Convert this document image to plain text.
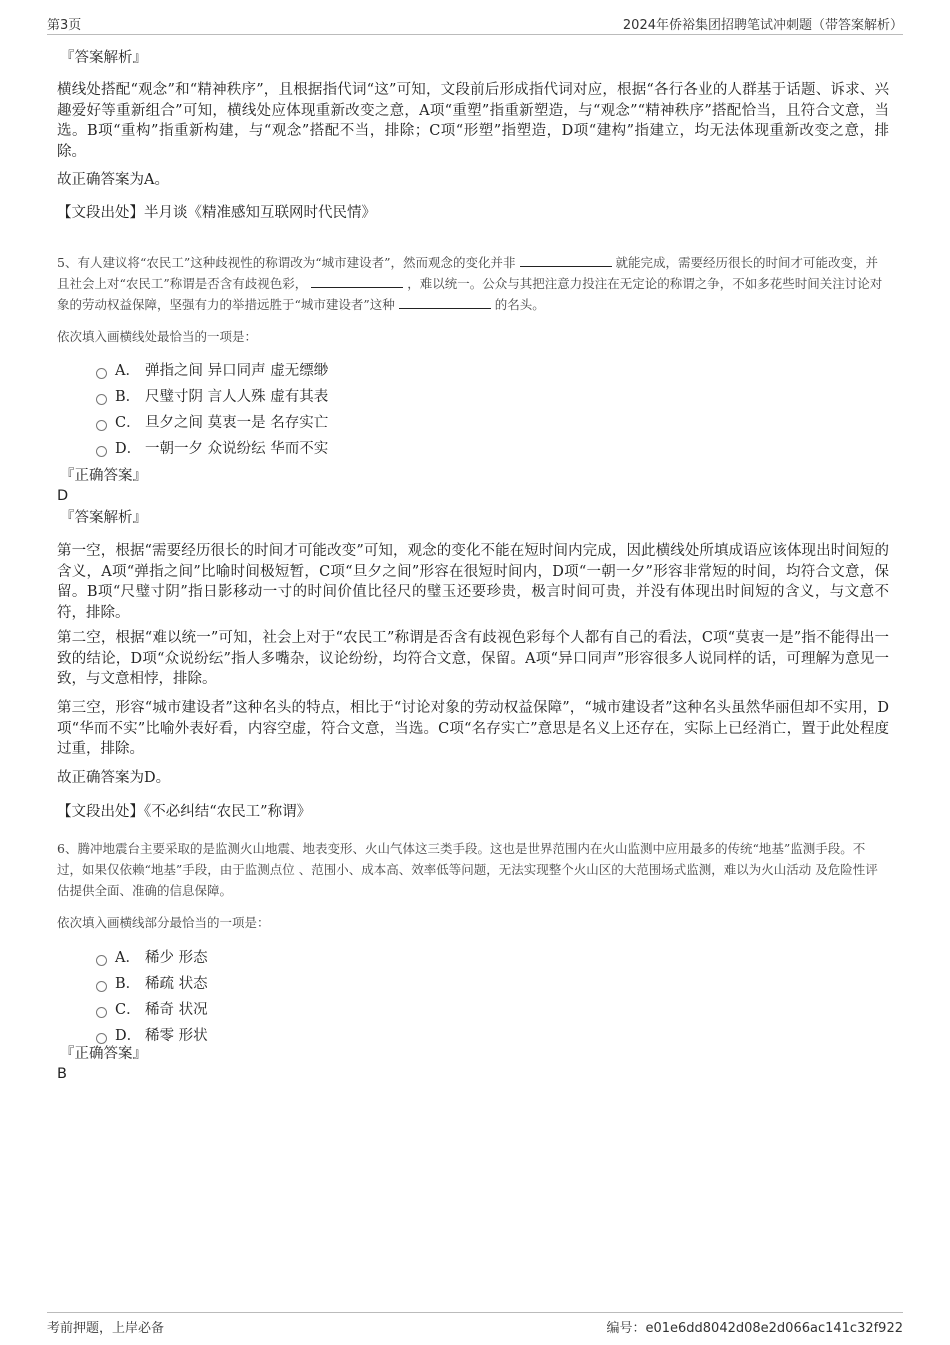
第3页	2024年侨裕集团招聘笔试冲刺题（带答案解析）
『答案解析』
横线处搭配“观念”和“精神秩序”，且根据指代词“这”可知，文段前后形成指代词对应，根据“各行各业的人群基于话题、诉求、兴趣爱好等重新组合”可知，横线处应体现重新改变之意，A项“重塑”指重新塑造，与“观念”“精神秩序”搭配恰当，且符合文意，当选。B项“重构”指重新构建，与“观念”搭配不当，排除；C项“形塑”指塑造，D项“建构”指建立，均无法体现重新改变之意，排除。
故正确答案为A。
【文段出处】半月谈《精准感知互联网时代民情》
5、有人建议将“农民工”这种歧视性的称谓改为“城市建设者”，然而观念的变化并非	就能完成，需要经历很长的时间才可能改变，并且社会上对“农民工”称谓是否含有歧视色彩，	，难以统一。公众与其把注意力投注在无定论的称谓之争，不如多花些时间关注讨论对象的劳动权益保障，坚强有力的举措远胜于“城市建设者”这种	的名头。
依次填入画横线处最恰当的一项是：
A． 弹指之间 异口同声 虚无缥缈
B． 尺璧寸阴 言人人殊 虚有其表
C． 旦夕之间 莫衷一是 名存实亡
D． 一朝一夕 众说纷纭 华而不实
『正确答案』
D
『答案解析』
第一空，根据“需要经历很长的时间才可能改变”可知，观念的变化不能在短时间内完成，因此横线处所填成语应该体现出时间短的含义，A项“弹指之间”比喻时间极短暂，C项“旦夕之间”形容在很短时间内，D项“一朝一夕”形容非常短的时间，均符合文意，保留。B项“尺璧寸阴”指日影移动一寸的时间价值比径尺的璧玉还要珍贵，极言时间可贵，并没有体现出时间短的含义，与文意不符，排除。
第二空，根据“难以统一”可知，社会上对于“农民工”称谓是否含有歧视色彩每个人都有自己的看法，C项“莫衷一是”指不能得出一致的结论，D项“众说纷纭”指人多嘴杂，议论纷纷，均符合文意，保留。A项“异口同声”形容很多人说同样的话，可理解为意见一致，与文意相悖，排除。
第三空，形容“城市建设者”这种名头的特点，相比于“讨论对象的劳动权益保障”，“城市建设者”这种名头虽然华丽但却不实用，D项“华而不实”比喻外表好看，内容空虚，符合文意，当选。C项“名存实亡”意思是名义上还存在，实际上已经消亡，置于此处程度过重，排除。
故正确答案为D。
【文段出处】《不必纠结“农民工”称谓》
6、腾冲地震台主要采取的是监测火山地震、地表变形、火山气体这三类手段。这也是世界范围内在火山监测中应用最多的传统“地基”监测手段。不过，如果仅依赖“地基”手段，由于监测点位 、范围小、成本高、效率低等问题，无法实现整个火山区的大范围场式监测，难以为火山活动 及危险性评估提供全面、准确的信息保障。
依次填入画横线部分最恰当的一项是：
A． 稀少 形态
B． 稀疏 状态
C． 稀奇 状况
D． 稀零 形状
『正确答案』
B
考前押题，上岸必备	编号：e01e6dd8042d08e2d066ac141c32f922
